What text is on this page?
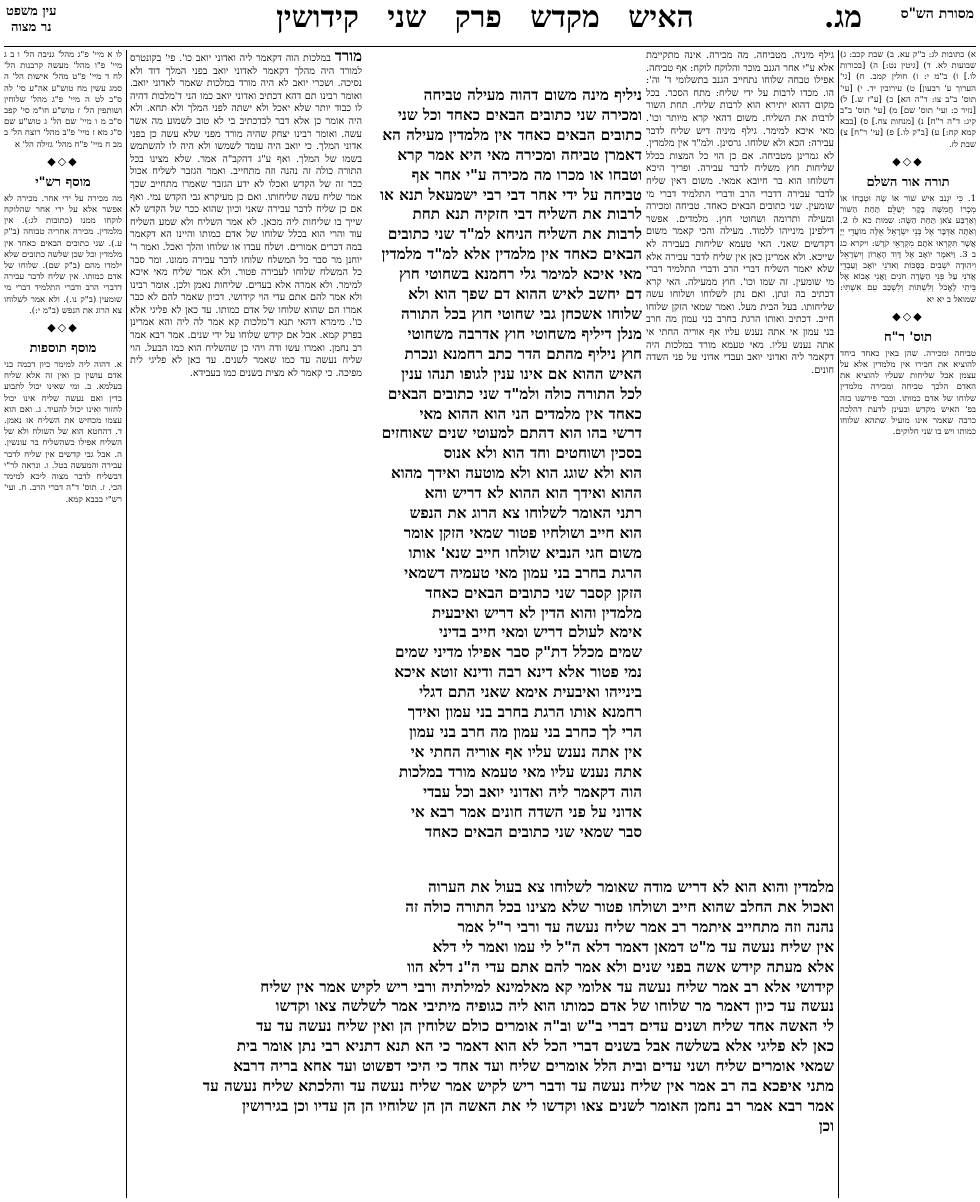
מסורת הש"ס
מג.
האיש מקדש פרק שני קידושין
עין משפט
נר מצוה
א) כתובות לג: ב"ק עא. ב) שבת קכב: ג) שבועות לא. ד) [גיטין נט:] ה) [בכורות לו.] ו) ב"מ י: ז) חולין קמב. ח) [גי' הערוך ע' רבעון] ט) עירובין יד. י) [עי' תוס' ב"ב צו: ד"ה הא] כ) [ע"ז ש.] ל) [נזיר כ: ועי' תוס' שם] מ) [עי' תוס' ב"ב קיג: ד"ה ר"ח] נ) [מנחות צח.] ס) [בבא קמא קח:] ע) [ב"ק לו.] פ) [עי' ר"ח] צ) שבת לז.
◆◇◆
תורה אור השלם
1. כִּי יִגְנֹב אִישׁ שׁוֹר אוֹ שֶׂה וּטְבָחוֹ אוֹ מְכָרוֹ חֲמִשָּׁה בָקָר יְשַׁלֵּם תַּחַת הַשּׁוֹר וְאַרְבַּע צֹאן תַּחַת הַשֶּׂה: שמות כא לז 2. וְאַתָּה אַדְּבָּר אֶל בְּנֵי יִשְׂרָאֵל אֵלֶּה מוֹעֲדֵי יְיָ אֲשֶׁר תִּקְרְאוּ אֹתָם מִקְרָאֵי קֹדֶשׁ: ויקרא כג ב 3. וַיֹּאמֶר יוֹאָב אֶל דָּוִד הָאָרוֹן וְיִשְׂרָאֵל וִיהוּדָה יֹשְׁבִים בַּסֻּכּוֹת וַאדֹנִי יוֹאָב וְעַבְדֵי אֲדֹנִי עַל פְּנֵי הַשָּׂדֶה חֹנִים וַאֲנִי אָבוֹא אֶל בֵּיתִי לֶאֱכֹל וְלִשְׁתּוֹת וְלִשְׁכַּב עִם אִשְׁתִּי: שמואל ב יא יא
◆◇◆
תוס' ר"ח
טביחה ומכירה. שהן באין כאחד ביחד להוציא את חבירו אין מלמדין אלא על עצמן אבל שליחות שעליו להוציא את האדם הלכך טביחה ומכירה מלמדין שלוחו של אדם כמותו. וכבר פירשנו בזה בפ' האיש מקדש ובעינן לדעת דהלכה כרבה שאמר אינו מועיל שתהא שלוחו כמותו ויש בו שני חלוקים.

גילף מיניה. מטביחה. מה מכירה. אינה מתקיימת אלא ע"י אחר הגנב מוכר והלוקח לוקח: אף טביחה. אפילו טבחה שלוחו נתחייב הגנב בתשלומי ד' וה': הו. מכדו לרבות על ידי שליח: מתח הסכר. בכל מקום דהוא יתירא הוא לרבות שליח. תחת השור לרבות את השליח. משום דהאי קרא מיותר וכו'. מאי איכא למימר. גילף מיניה דיש שליח לדבר עבירה: הכא ולא שלוחו. גרסינן. ולמ"ד אין מלמדין. לא גמרינן מטביחה. אם כן הוי כל המצות בכלל שליחות חוץ משליח לדבר עבירה. ופריך היכא דשלוחו הוא בר חיובא אמאי. משום דאין שליח לדבר עבירה דדברי הרב ודברי התלמיד דברי מי שומעין. שני כתובים הבאים כאחד. טביחה ומכירה ומעילה ותרומה ושחוטי חוץ. מלמדים. אפשר דילפינן מינייהו ללמוד. מעילה והכי קאמר משום דקדשים שאני. האי טעמא שליחות בעבירה לא שייכא. ולא אמרינן כאן אין שליח לדבר עבירה אלא שלא יאמר השליח דברי הרב ודברי התלמיד דברי מי שומעין. זה שמו וכו'. חוץ ממעילה. האי קרא דכתיב בה ונתן. ואם נתן לשלוחו ושלוחו עשה שליחותו. בעל הבית מעל. ואמר שמאי הזקן שלוחו חייב. דכתיב ואותו הרגת בחרב בני עמון מה חרב בני עמון אי אתה נענש עליו אף אוריה החתי אי אתה נענש עליו. מאי טעמא מורד במלכות היה דקאמר ליה ואדוני יואב ועבדי אדוני על פני השדה חונים.

מורד במלכות הוה דקאמר ליה ואדוני יואב כו'. פי' בקונטרס למורד היה מהלך דקאמר לאדוני יואב בפני המלך דוד ולא נסיכה. ושכרי יואב לא היה מורד במלכות שאמר לאדוני יואב. ואומר רבינו תם דהא דכתיב ואדוני יואב כמו הני ד'מלכות דהיה לו כבוד יותר שלא יאכל ולא ישתה לפני המלך ולא תחא. ולא היה אומר כן אלא דבר לכדכתיב בי לא טוב לשמוע מה אשר עשה. ואומר רבינו יצחק שהיה מורד מפני שלא עשה כן בפני אדוני המלך. כי יואב היה עומד לשמשו ולא היה לו להשתמש בשמו של המלך. ואף ע"ג דהקב"ה אמר. שלא מצינו בכל התורה כולה זה נהנה וזה מתחייב. ואמר הגזבר לשליח אכול ככר זה של הקדש ואכלו לא ידע הגזבר שאמרו מתחייב שכך אמר שליח עשה שליחותו. ואם כן מעיקרא גבי הקדש נמי. ואף אם כן שליח לדבר עבירה שאני וכיון שהוא ככר של הקדש לא שייך בו שליחות ליה מכאן. לא אמר השליח ולא שמע השליח עוד והרי הוא בכלל שלוחו של אדם כמותו והיינו הא דקאמר במה דברים אמורים. ושלח עבדו או שלוחו והלך ואכל. ואמר ר' יוחנן מר סבר כל המשלח שלוחו לדבר עבירה ממונו. ומר סבר כל המשלח שלוחו לעבירה פטור. ולא אמר שליח מאי איכא למימר. ולא אמרה אלא בעדים. שליחות נאמן ולכן. אומר רבינו ולא אמר להם אתם עדי הוי קידושי. דכיון שאמר להם לא כבר אמרו הם שהוא שלוחו של אדם כמותו. עד כאן לא פליגי אלא כו'. מימרא דהאי תנא ד'מלכות קא אמר לה ליה והא אמרינן בפרק קמא. אבל אם קידש שלוחו על ידי שנים. אמר רבא אמר רב נחמן. ואמרו עשו ודה ויהי כן שהשליח הוא כמו הבעל. הוי שליח נעשה עד כמו שאמר לשנים. עד כאן לא פליגי לית מפיכה. כי קאמר לא מצית בשנים כמו בעבידא.
ניליף מינה משום דהוה מעילה טביחה
ומכירה שני כתובים הבאים כאחד וכל שני
כתובים הבאים כאחד אין מלמדין מעילה הא
דאמרן טביחה ומכירה מאי היא אמר קרא
וטבחו או מכרו מה מכירה ע"י אחר אף
טביחה על ידי אחר דבי רבי ישמעאל תנא או
לרבות את השליח דבי חזקיה תנא תחת
לרבות את השליח הניחא למ"ד שני כתובים
הבאים כאחד אין מלמדין אלא למ"ד מלמדין
מאי איכא למימר גלי רחמנא בשחוטי חוץ
דם יחשב לאיש ההוא דם שפך הוא ולא
שלוחו אשכחן גבי שחוטי חוץ בכל התורה
מנלן דיליף משחוטי חוץ אדרבה משחוטי
חוץ ניליף מהתם הדר כתב רחמנא ונכרת
האיש ההוא אם אינו ענין לגופו תנהו ענין
לכל התורה כולה ולמ"ד שני כתובים הבאים
כאחד אין מלמדים הני הוא ההוא מאי
דרשי בהו הוא דהתם למעוטי שנים שאוחזים
בסכין ושוחטים וחד הוא ולא אנוס
הוא ולא שוגג הוא ולא מוטעה ואידך מהוא
ההוא ואידך הוא ההוא לא דריש והא
רתני האומר לשלוחו צא הרוג את הנפש
הוא חייב ושולחיו פטור שמאי הזקן אומר
משום חגי הנביא שולחו חייב שנא' אותו
הרגת בחרב בני עמון מאי טעמיה דשמאי
הזקן קסבר שני כתובים הבאים כאחד
מלמדין והוא הדין לא דריש ואיבעית
אימא לעולם דריש ומאי חייב בדיני
שמים מכלל דת"ק סבר אפילו מדיני שמים
נמי פטור אלא דינא רבה ודינא זוטא איכא
בינייהו ואיבעית אימא שאני התם דגלי
רחמנא אותו הרגת בחרב בני עמון ואידך
הרי לך כחרב בני עמון מה חרב בני עמון
אין אתה נענש עליו אף אוריה החתי אי
אתה נענש עליו מאי טעמא מורד במלכות
הוה דקאמר ליה ואדוני יואב וכל עבדי
אדוני על פני השדה חונים אמר רבא אי
סבר שמאי שני כתובים הבאים כאחד
מלמדין והוא הוא לא דריש מודה שאומר לשלוחו צא בעול את הערוה
ואכול את החלב שהוא חייב ושולחו פטור שלא מצינו בכל התורה כולה זה
נהנה וזה מתחייב איתמר רב אמר שליח נעשה עד ורבי ר"ל אמר
אין שליח נעשה עד מ"ט דמאן דאמר דלא ה"ל לי עמו ואמר לי דלא
אלא מעתה קידש אשה בפני שנים ולא אמר להם אתם עדי ה"נ דלא הוו
קידושי אלא רב אמר שליח נעשה עד אלומי קא מאלמינא למילתיה ורבי ריש לקיש אמר אין שליח
נעשה עד כיון דאמר מר שלוחו של אדם כמותו הוא ליה כגופיה מיתיבי אמר לשלשה צאו וקדשו
לי האשה אחד שליח ושנים עדים דברי ב"ש וב"ה אומרים כולם שלוחין הן ואין שליח נעשה עד עד
כאן לא פליגי אלא בשלשה אבל בשנים דברי הכל לא הוא דאמר כי הא תנא דתניא רבי נתן אומר בית
שמאי אומרים שליח ושני עדים ובית הלל אומרים שליח ועד אחד כי היכי דפשוט ועד אחא בריה דרבא
מתני איפכא בה רב אמר אין שליח נעשה עד ודבר ריש לקיש אמר שליח נעשה עד והלכתא שליח נעשה עד
אמר רבא אמר רב נחמן האומר לשנים צאו וקדשו לי את האשה הן הן שלוחיו הן הן עדיו וכן בגירושין
וכן
לו א מיי' פ"ג מהל' גניבה הל' ו ב ג מיי' פ"ו מהל' מעשה קרבנות הל' לח ד מיי' פ"ט מהל' אישות הל' ה סמג עשין מח טוש"ע אה"ע סי' לה ס"ב לט ה מיי' פ"ג מהל' שלוחין ושותפין הל' ז טוש"ע חו"מ סי' קפב ס"ב מ ו מיי' שם הל' ג טוש"ע שם ס"ג מא ז מיי' פ"ב מהל' רוצח הל' ב מב ח מיי' פ"ח מהל' גזילה הל' א
◆◇◆
מוסף רש"י
מה מכירה על ידי אחר. מכירה לא אפשר אלא על ידי אחר שהלוקח לוקחו ממנו (כתובות לג:). אין מלמדין. מכירה אחריה טבוחה (ב"ק ע.). שני כתובים הבאים כאחד אין מלמדין וכל שכן שלשה כתובים שלא ילמדו מהם (ב"ק שם). שלוחו של אדם כמותו. אין שליח לדבר עבירה דדברי הרב ודברי התלמיד דברי מי שומעין (ב"ק נו.). ולא אמר לשלוחו צא הרוג את הנפש (ב"מ י:).
◆◇◆
מוסף תוספות
א. דהוה ליה למימר כיון דכמה בני אדם עושין כן ואין זה אלא שליח בעלמא. ב. ומי שאינו יכול לתבוע בדין ואם נעשה שליח אינו יכול לחזור ואינו יכול להעיד. ג. ואם הוא עצמו מכחיש את השליח אז נאמן. ד. דהחטא הוא של השולח ולא של השליח אפילו כשהשליח בר עונשין. ה. אבל גבי קדשים אין שליח לדבר עבירה והמעשה בטל. ו. ונראה לר"י דבשליח לדבר מצוה ליכא למימר הכי. ז. תוס' ד"ה דברי הרב. ח. ועי' רש"י בבבא קמא.
